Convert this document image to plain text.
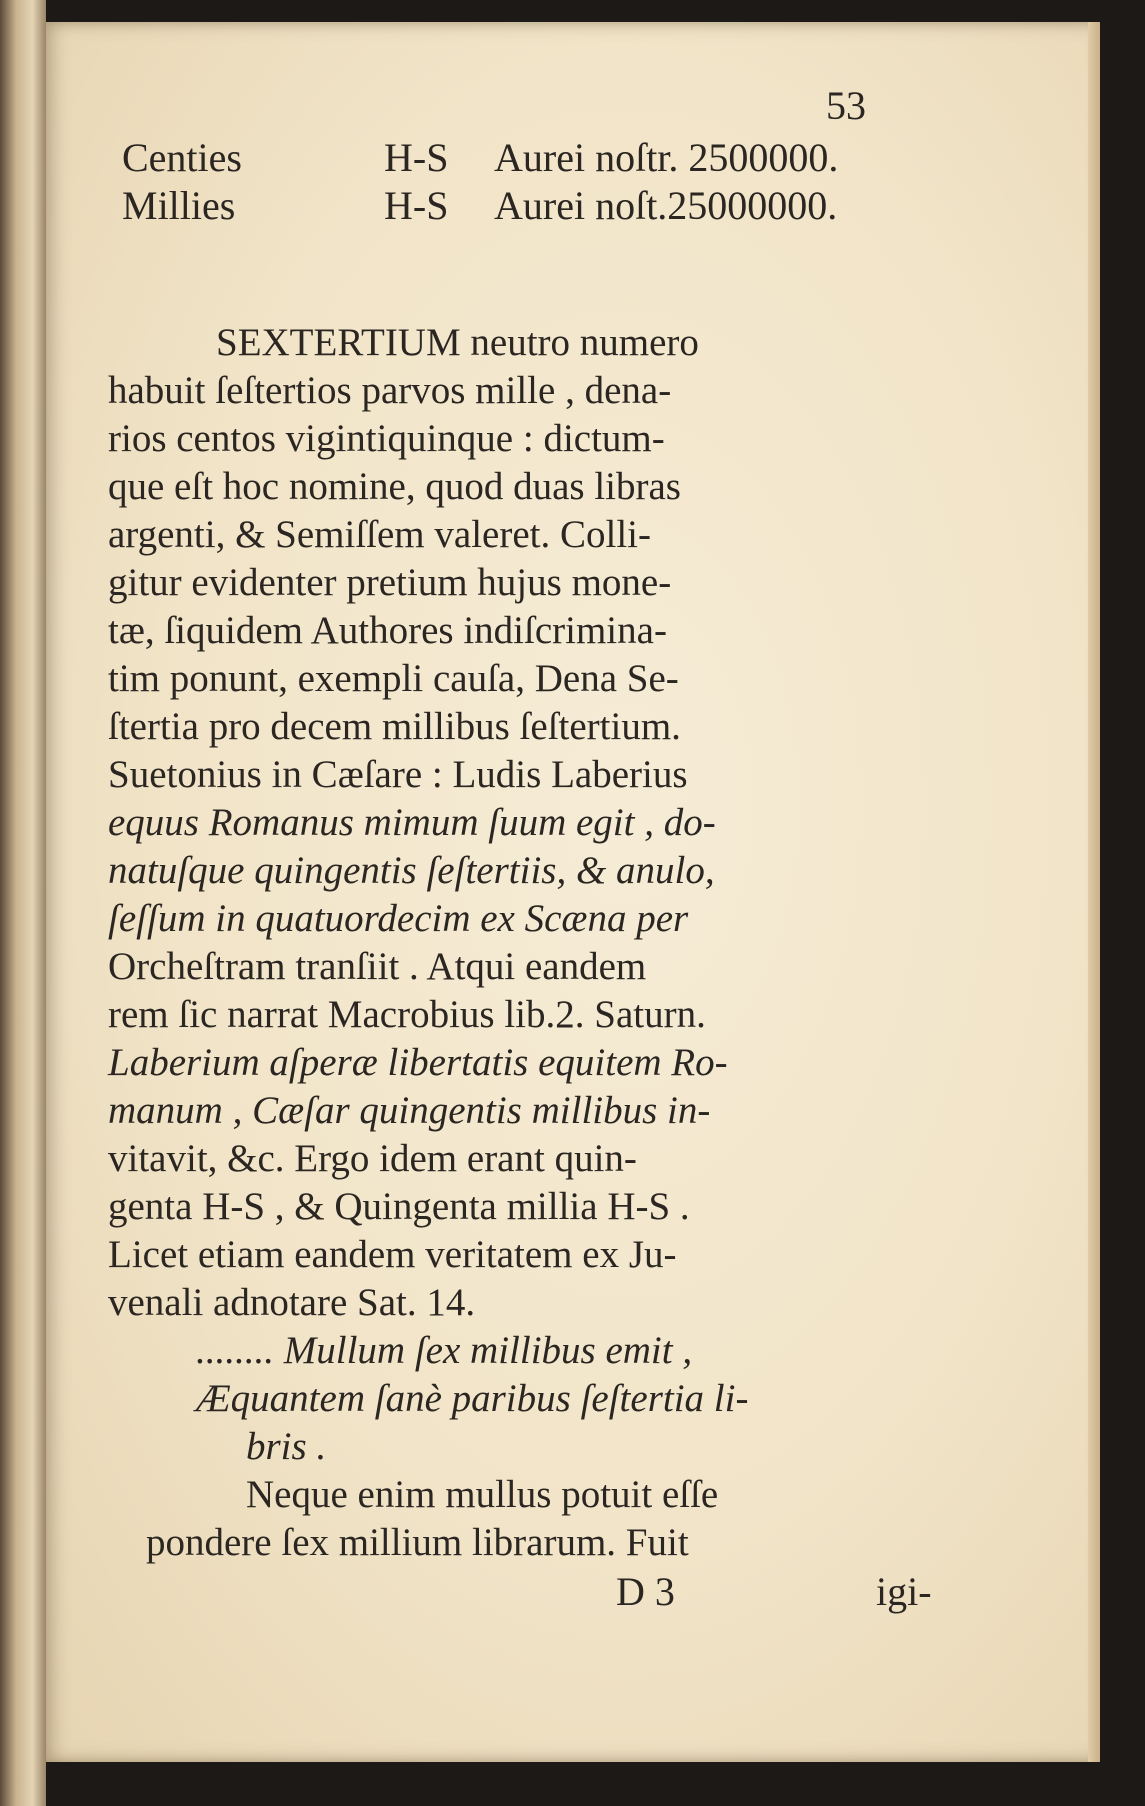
53
Centies	H-S Aurei noſtr. 2500000.
Millies	H-S Aurei noſt.25000000.
SEXTERTIUM neutro numero
habuit ſeſtertios parvos mille , dena-
rios centos vigintiquinque : dictum-
que eſt hoc nomine, quod duas libras
argenti, & Semiſſem valeret. Colli-
gitur evidenter pretium hujus mone-
tæ, ſiquidem Authores indiſcrimina-
tim ponunt, exempli cauſa, Dena Se-
ſtertia pro decem millibus ſeſtertium.
Suetonius in Cæſare : Ludis Laberius
equus Romanus mimum ſuum egit , do-
natuſque quingentis ſeſtertiis, & anulo,
ſeſſum in quatuordecim ex Scæna per
Orcheſtram tranſiit . Atqui eandem
rem ſic narrat Macrobius lib.2. Saturn.
Laberium aſperæ libertatis equitem Ro-
manum , Cæſar quingentis millibus in-
vitavit, &c. Ergo idem erant quin-
genta H-S , & Quingenta millia H-S .
Licet etiam eandem veritatem ex Ju-
venali adnotare Sat. 14.
........ Mullum ſex millibus emit ,
Æquantem ſanè paribus ſeſtertia li-
bris .
Neque enim mullus potuit eſſe
pondere ſex millium librarum. Fuit
D 3	igi-
